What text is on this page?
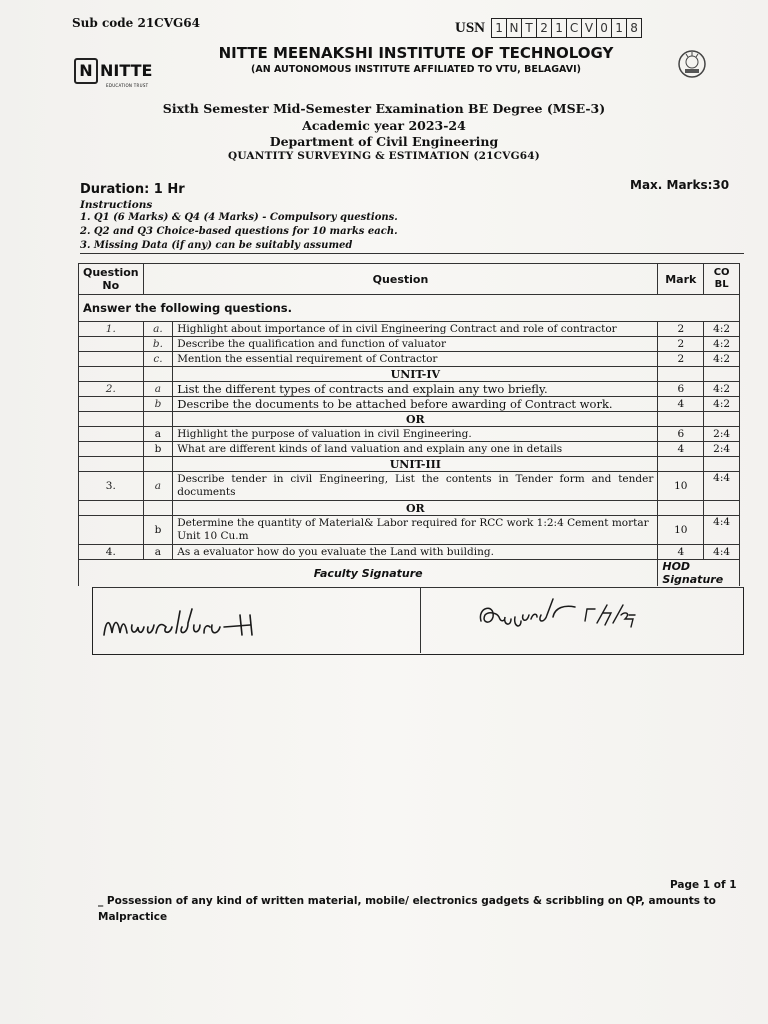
Sub code 21CVG64	USN 1 N T 2 1 C V 0 1 8
N NITTE
EDUCATION TRUST
NITTE MEENAKSHI INSTITUTE OF TECHNOLOGY
(AN AUTONOMOUS INSTITUTE AFFILIATED TO VTU, BELAGAVI)
Sixth Semester Mid-Semester Examination BE Degree (MSE-3)
Academic year 2023-24
Department of Civil Engineering
QUANTITY SURVEYING & ESTIMATION (21CVG64)
Duration: 1 Hr	Max. Marks:30
Instructions
1. Q1 (6 Marks) & Q4 (4 Marks) - Compulsory questions.
2. Q2 and Q3 Choice-based questions for 10 marks each.
3. Missing Data (if any) can be suitably assumed
Question No	Question		Mark	CO
BL
Answer the following questions.				
1.	a.	Highlight about importance of in civil Engineering Contract and role of contractor	2	4:2
	b.	Describe the qualification and function of valuator	2	4:2
	c.	Mention the essential requirement of Contractor	2	4:2
		UNIT-IV		
2.	a	List the different types of contracts and explain any two briefly.	6	4:2
	b	Describe the documents to be attached before awarding of Contract work.	4	4:2
		OR		
	a	Highlight the purpose of valuation in civil Engineering.	6	2:4
	b	What are different kinds of land valuation and explain any one in details	4	2:4
		UNIT-III		
3.	a	Describe tender in civil Engineering, List the contents in Tender form and tender documents	10	4:4
		OR		
	b	Determine the quantity of Material& Labor required for RCC work 1:2:4 Cement mortar Unit 10 Cu.m	10	4:4
4.	a	As a evaluator how do you evaluate the Land with building.	4	4:4
Faculty Signature			HOD Signature	
Page 1 of 1
_ Possession of any kind of written material, mobile/ electronics gadgets & scribbling on QP, amounts to Malpractice
